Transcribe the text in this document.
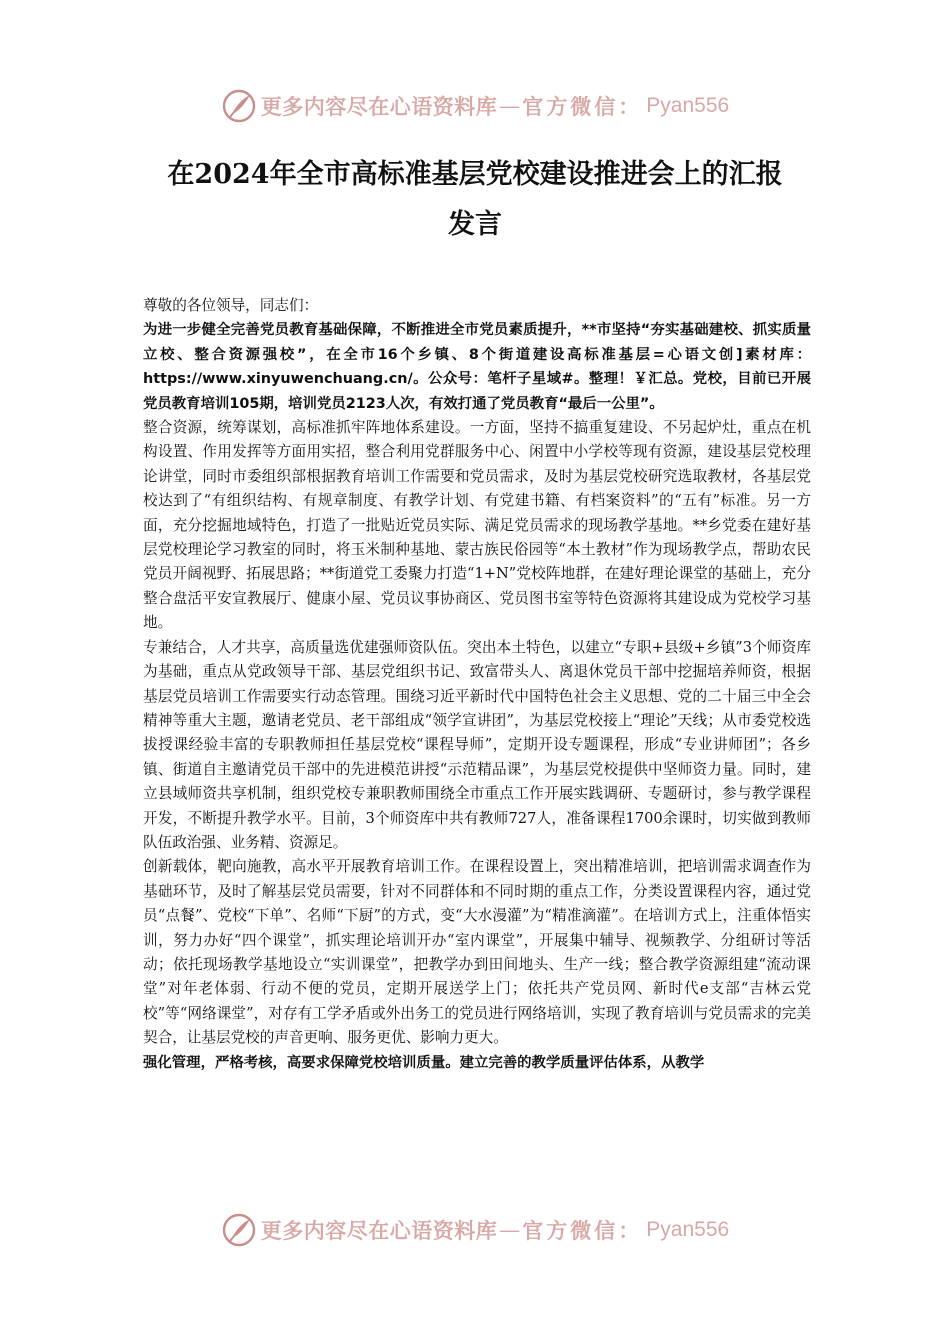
更多内容尽在心语资料库 — 官方微信： Pyan556
在2024年全市高标准基层党校建设推进会上的汇报
发言

尊敬的各位领导，同志们：

为进一步健全完善党员教育基础保障，不断推进全市党员素质提升，**市坚持“夯实基础建校、抓实质量立校、整合资源强校”，在全市16个乡镇、8个街道建设高标准基层=心语文创]素材库：https://www.xinyuwenchuang.cn/。公众号：笔杆子星域#。整理！￥汇总。党校，目前已开展党员教育培训105期，培训党员2123人次，有效打通了党员教育“最后一公里”。

整合资源，统筹谋划，高标准抓牢阵地体系建设。一方面，坚持不搞重复建设、不另起炉灶，重点在机构设置、作用发挥等方面用实招，整合利用党群服务中心、闲置中小学校等现有资源，建设基层党校理论讲堂，同时市委组织部根据教育培训工作需要和党员需求，及时为基层党校研究选取教材，各基层党校达到了“有组织结构、有规章制度、有教学计划、有党建书籍、有档案资料”的“五有”标准。另一方面，充分挖掘地域特色，打造了一批贴近党员实际、满足党员需求的现场教学基地。**乡党委在建好基层党校理论学习教室的同时，将玉米制种基地、蒙古族民俗园等“本土教材”作为现场教学点，帮助农民党员开阔视野、拓展思路；**街道党工委聚力打造“1+N”党校阵地群，在建好理论课堂的基础上，充分整合盘活平安宣教展厅、健康小屋、党员议事协商区、党员图书室等特色资源将其建设成为党校学习基地。

专兼结合，人才共享，高质量选优建强师资队伍。突出本土特色，以建立“专职+县级+乡镇”3个师资库为基础，重点从党政领导干部、基层党组织书记、致富带头人、离退休党员干部中挖掘培养师资，根据基层党员培训工作需要实行动态管理。围绕习近平新时代中国特色社会主义思想、党的二十届三中全会精神等重大主题，邀请老党员、老干部组成“领学宣讲团”，为基层党校接上“理论”天线；从市委党校选拔授课经验丰富的专职教师担任基层党校“课程导师”，定期开设专题课程，形成“专业讲师团”；各乡镇、街道自主邀请党员干部中的先进模范讲授“示范精品课”，为基层党校提供中坚师资力量。同时，建立县域师资共享机制，组织党校专兼职教师围绕全市重点工作开展实践调研、专题研讨，参与教学课程开发，不断提升教学水平。目前，3个师资库中共有教师727人，准备课程1700余课时，切实做到教师队伍政治强、业务精、资源足。

创新载体，靶向施教，高水平开展教育培训工作。在课程设置上，突出精准培训，把培训需求调查作为基础环节，及时了解基层党员需要，针对不同群体和不同时期的重点工作，分类设置课程内容，通过党员“点餐”、党校“下单”、名师“下厨”的方式，变“大水漫灌”为“精准滴灌”。在培训方式上，注重体悟实训，努力办好“四个课堂”，抓实理论培训开办“室内课堂”，开展集中辅导、视频教学、分组研讨等活动；依托现场教学基地设立“实训课堂”，把教学办到田间地头、生产一线；整合教学资源组建“流动课堂”对年老体弱、行动不便的党员，定期开展送学上门；依托共产党员网、新时代e支部“吉林云党校”等“网络课堂”，对存有工学矛盾或外出务工的党员进行网络培训，实现了教育培训与党员需求的完美契合，让基层党校的声音更响、服务更优、影响力更大。

强化管理，严格考核，高要求保障党校培训质量。建立完善的教学质量评估体系，从教学

更多内容尽在心语资料库 — 官方微信： Pyan556
